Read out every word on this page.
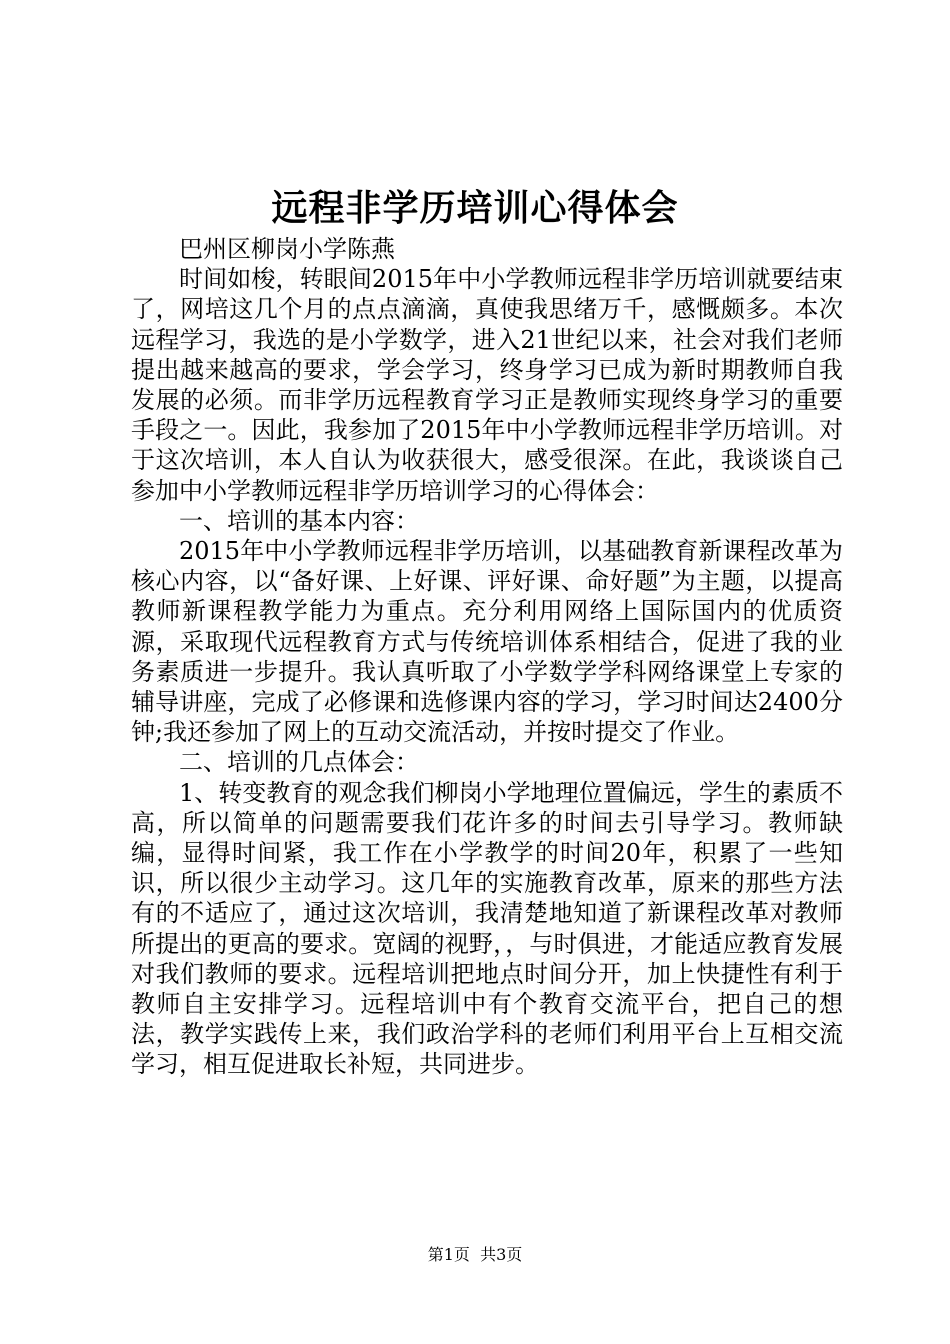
远程非学历培训心得体会

巴州区柳岗小学陈燕

时间如梭，转眼间2015年中小学教师远程非学历培训就要结束了，网培这几个月的点点滴滴，真使我思绪万千，感慨颇多。本次远程学习，我选的是小学数学，进入21世纪以来，社会对我们老师提出越来越高的要求，学会学习，终身学习已成为新时期教师自我发展的必须。而非学历远程教育学习正是教师实现终身学习的重要手段之一。因此，我参加了2015年中小学教师远程非学历培训。对于这次培训，本人自认为收获很大，感受很深。在此，我谈谈自己参加中小学教师远程非学历培训学习的心得体会：

一、培训的基本内容：

2015年中小学教师远程非学历培训，以基础教育新课程改革为核心内容，以“备好课、上好课、评好课、命好题”为主题，以提高教师新课程教学能力为重点。充分利用网络上国际国内的优质资源，采取现代远程教育方式与传统培训体系相结合，促进了我的业务素质进一步提升。我认真听取了小学数学学科网络课堂上专家的辅导讲座，完成了必修课和选修课内容的学习，学习时间达2400分钟;我还参加了网上的互动交流活动，并按时提交了作业。

二、培训的几点体会：

1、转变教育的观念我们柳岗小学地理位置偏远，学生的素质不高，所以简单的问题需要我们花许多的时间去引导学习。教师缺编，显得时间紧，我工作在小学教学的时间20年，积累了一些知识，所以很少主动学习。这几年的实施教育改革，原来的那些方法有的不适应了，通过这次培训，我清楚地知道了新课程改革对教师所提出的更高的要求。宽阔的视野，，与时俱进，才能适应教育发展对我们教师的要求。远程培训把地点时间分开，加上快捷性有利于教师自主安排学习。远程培训中有个教育交流平台，把自己的想法，教学实践传上来，我们政治学科的老师们利用平台上互相交流学习，相互促进取长补短，共同进步。

第1页 共3页
